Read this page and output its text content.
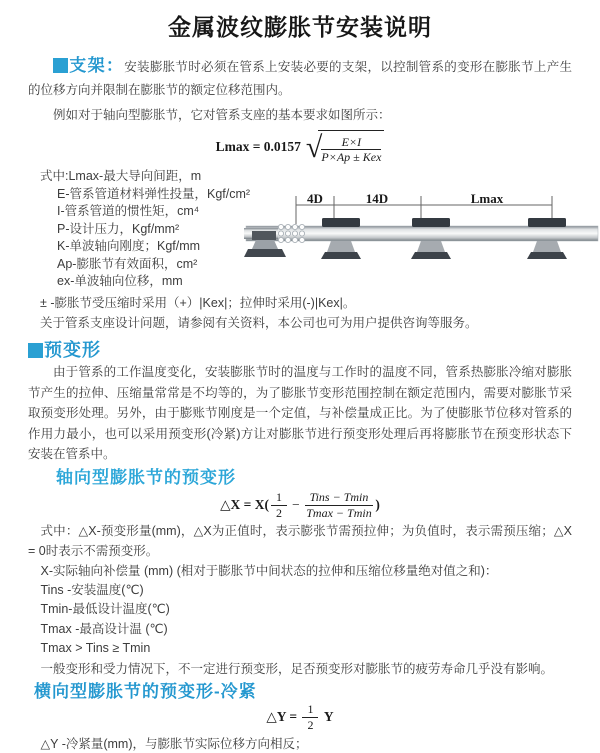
金属波纹膨胀节安装说明

支架：安装膨胀节时必须在管系上安装必要的支架，以控制管系的变形在膨胀节上产生的位移方向并限制在膨胀节的额定位移范围内。

例如对于轴向型膨胀节，它对管系支座的基本要求如图所示：

Lmax = 0.0157 √ $\frac{E\times I}{\text{P×Ap ± Kex}}$
式中:Lmax-最大导向间距，m
E-管系管道材料弹性投量，Kgf/cm²
I-管系管道的惯性矩，cm⁴
P-设计压力，Kgf/mm²
K-单波轴向刚度；Kgf/mm
Ap-膨胀节有效面积，cm²
ex-单波轴向位移，mm
4D	14D	Lmax

± -膨胀节受压缩时采用（+）|Kex|；拉伸时采用(-)|Kex|。

关于管系支座设计问题，请参阅有关资料，本公司也可为用户提供咨询等服务。

预变形

由于管系的工作温度变化，安装膨胀节时的温度与工作时的温度不同，管系热膨胀冷缩对膨胀节产生的拉伸、压缩量常常是不均等的，为了膨胀节变形范围控制在额定范围内，需要对膨胀节采取预变形处理。另外，由于膨账节刚度是一个定值，与补偿量成正比。为了使膨胀节位移对管系的作用力最小，也可以采用预变形(冷紧)方让对膨胀节进行预变形处理后再将膨胀节在预变形状态下安装在管系中。

轴向型膨胀节的预变形
△X = $X( \frac{1}{2} - \frac{\text{Tins − Tmin}}{Tmax - Tmin}$ )

式中：△X-预变形量(mm)，△X为正值时，表示膨张节需预拉伸；为负值时，表示需预压缩；△X = 0时表示不需预变形。

X-实际轴向补偿量 (mm) (相对于膨胀节中间状态的拉伸和压缩位移量绝对值之和)：

Tins -安装温度(℃)

Tmin-最低设计温度(℃)

Tmax -最高设计温 (℃)

Tmax > Tins ≥ Tmin

一般变形和受力情况下，不一定进行预变形，足否预变形对膨胀节的疲劳寿命几乎没有影响。

横向型膨胀节的预变形-冷紧
△Y = $\frac{1}{2}$ Y

△Y -冷紧量(mm)，与膨胀节实际位移方向相反；
